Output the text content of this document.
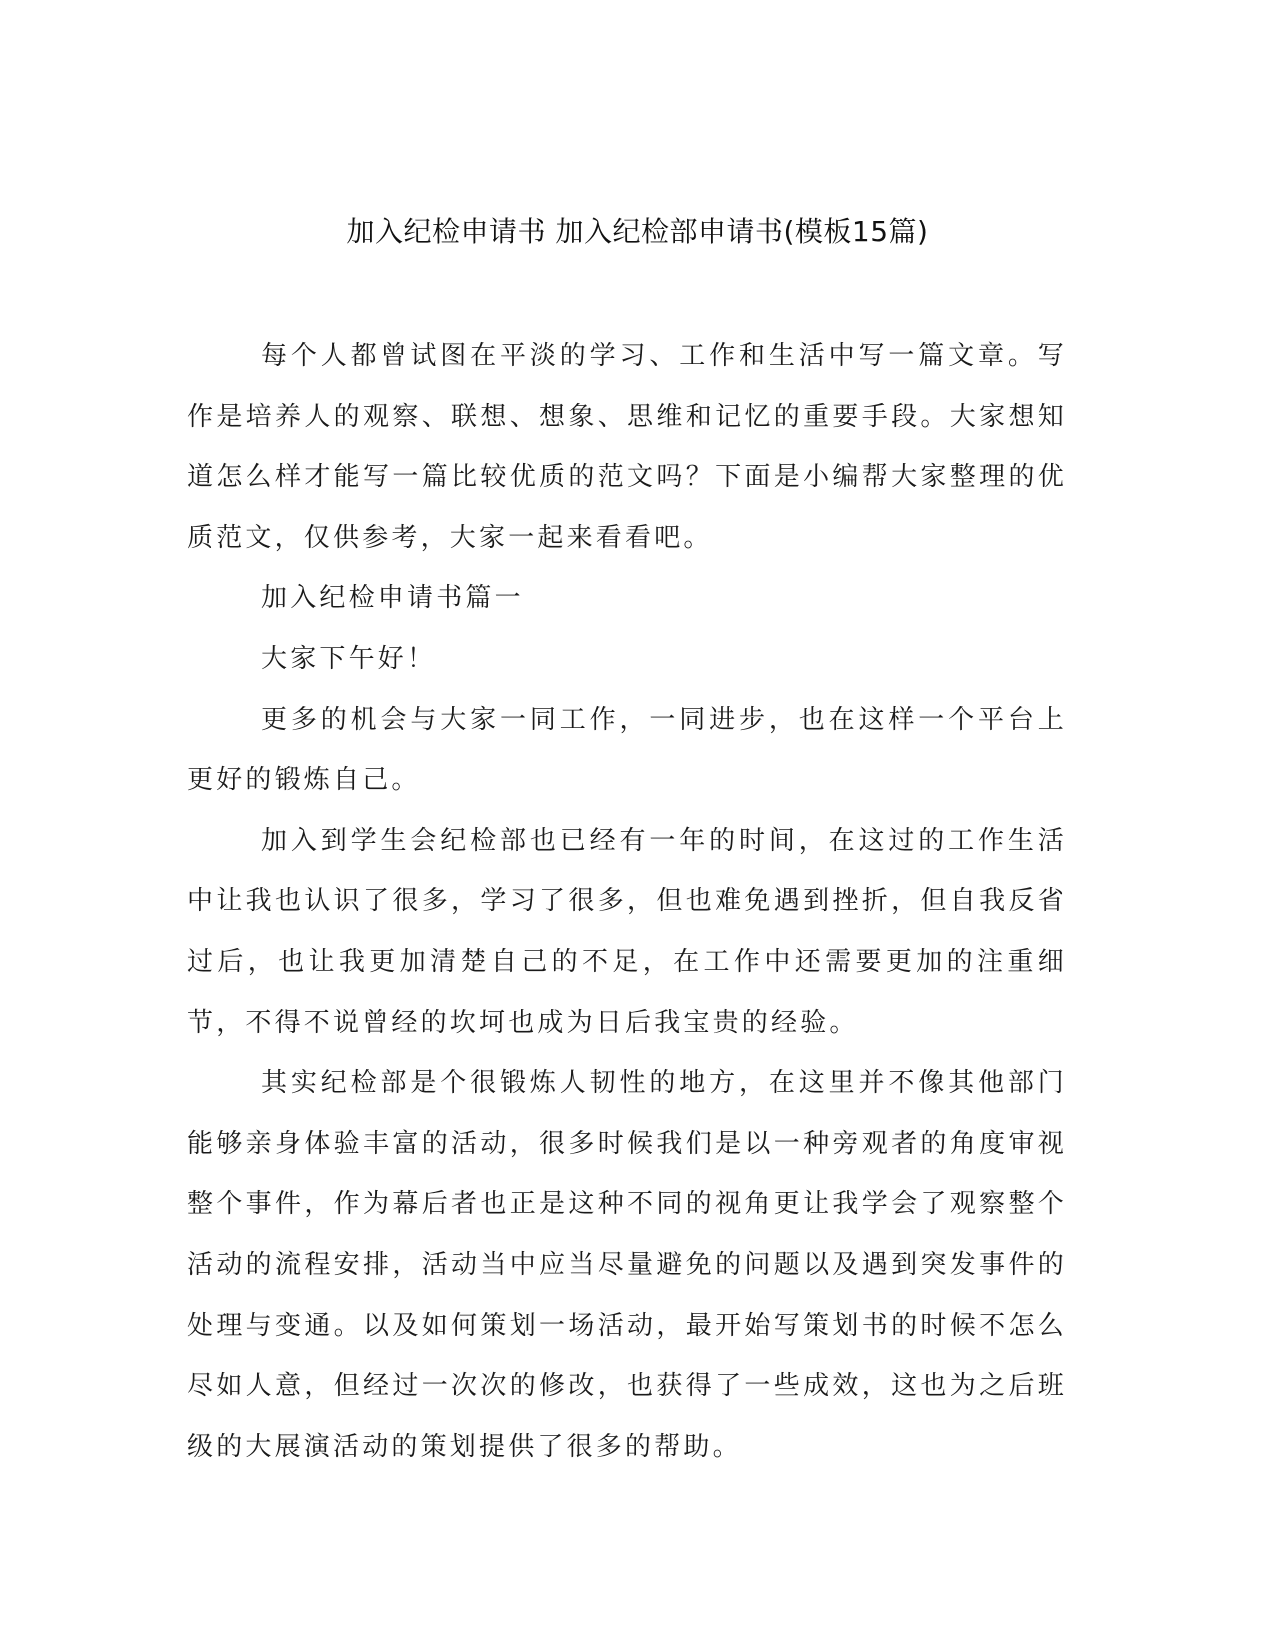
加入纪检申请书 加入纪检部申请书(模板15篇)

每个人都曾试图在平淡的学习、工作和生活中写一篇文章。写作是培养人的观察、联想、想象、思维和记忆的重要手段。大家想知道怎么样才能写一篇比较优质的范文吗？下面是小编帮大家整理的优质范文，仅供参考，大家一起来看看吧。

加入纪检申请书篇一

大家下午好！

更多的机会与大家一同工作，一同进步，也在这样一个平台上更好的锻炼自己。

加入到学生会纪检部也已经有一年的时间，在这过的工作生活中让我也认识了很多，学习了很多，但也难免遇到挫折，但自我反省过后，也让我更加清楚自己的不足，在工作中还需要更加的注重细节，不得不说曾经的坎坷也成为日后我宝贵的经验。

其实纪检部是个很锻炼人韧性的地方，在这里并不像其他部门能够亲身体验丰富的活动，很多时候我们是以一种旁观者的角度审视整个事件，作为幕后者也正是这种不同的视角更让我学会了观察整个活动的流程安排，活动当中应当尽量避免的问题以及遇到突发事件的处理与变通。以及如何策划一场活动，最开始写策划书的时候不怎么尽如人意，但经过一次次的修改，也获得了一些成效，这也为之后班级的大展演活动的策划提供了很多的帮助。
